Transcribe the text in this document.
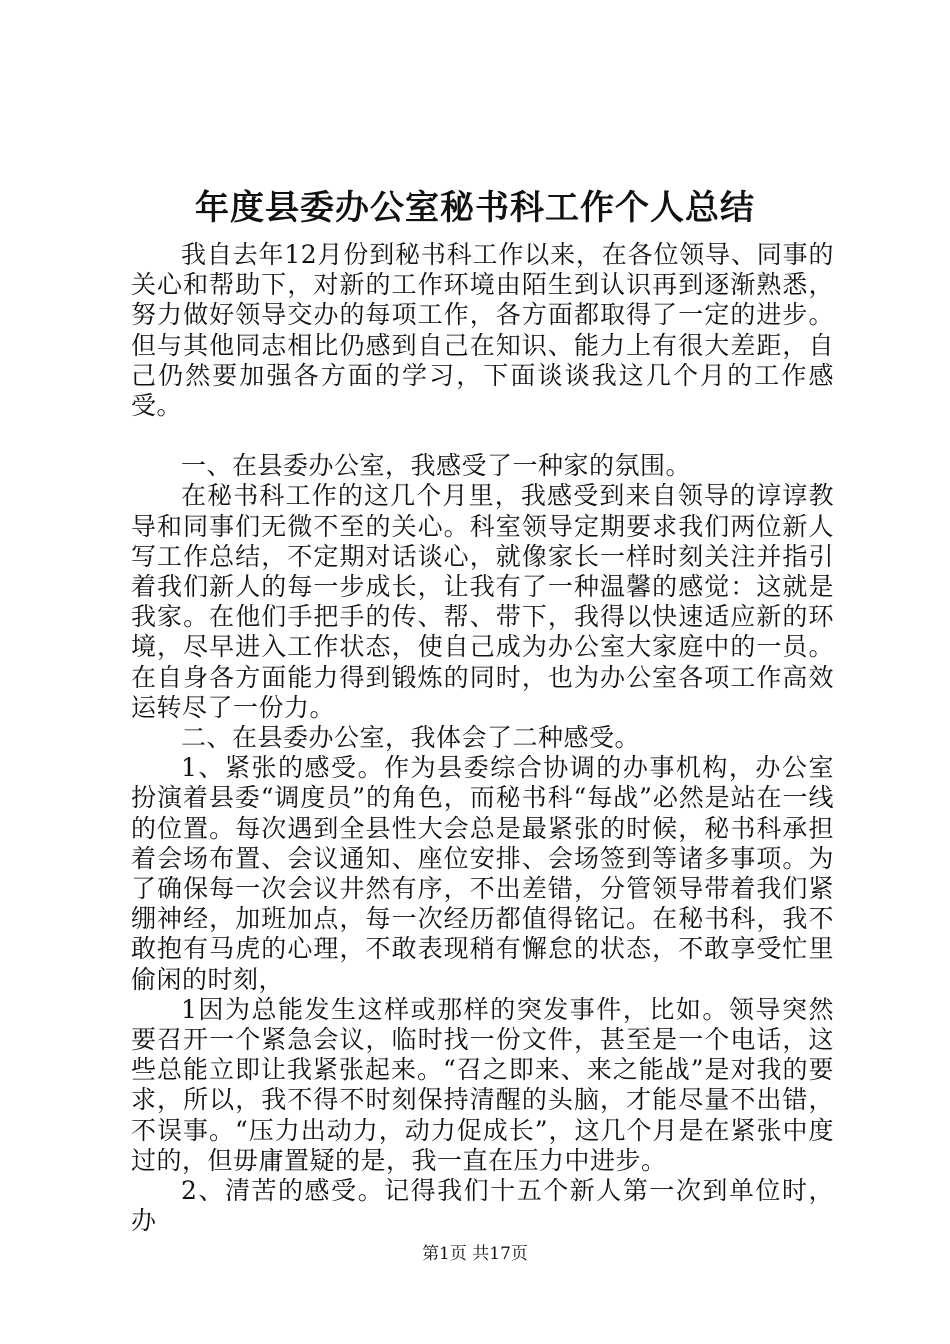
年度县委办公室秘书科工作个人总结

我自去年12月份到秘书科工作以来，在各位领导、同事的关心和帮助下，对新的工作环境由陌生到认识再到逐渐熟悉，努力做好领导交办的每项工作，各方面都取得了一定的进步。但与其他同志相比仍感到自己在知识、能力上有很大差距，自己仍然要加强各方面的学习，下面谈谈我这几个月的工作感受。

一、在县委办公室，我感受了一种家的氛围。

在秘书科工作的这几个月里，我感受到来自领导的谆谆教导和同事们无微不至的关心。科室领导定期要求我们两位新人写工作总结，不定期对话谈心，就像家长一样时刻关注并指引着我们新人的每一步成长，让我有了一种温馨的感觉：这就是我家。在他们手把手的传、帮、带下，我得以快速适应新的环境，尽早进入工作状态，使自己成为办公室大家庭中的一员。在自身各方面能力得到锻炼的同时，也为办公室各项工作高效运转尽了一份力。

二、在县委办公室，我体会了二种感受。

1、紧张的感受。作为县委综合协调的办事机构，办公室扮演着县委“调度员”的角色，而秘书科“每战”必然是站在一线的位置。每次遇到全县性大会总是最紧张的时候，秘书科承担着会场布置、会议通知、座位安排、会场签到等诸多事项。为了确保每一次会议井然有序，不出差错，分管领导带着我们紧绷神经，加班加点，每一次经历都值得铭记。在秘书科，我不敢抱有马虎的心理，不敢表现稍有懈怠的状态，不敢享受忙里偷闲的时刻，

1因为总能发生这样或那样的突发事件，比如。领导突然要召开一个紧急会议，临时找一份文件，甚至是一个电话，这些总能立即让我紧张起来。“召之即来、来之能战”是对我的要求，所以，我不得不时刻保持清醒的头脑，才能尽量不出错，不误事。“压力出动力，动力促成长”，这几个月是在紧张中度过的，但毋庸置疑的是，我一直在压力中进步。

2、清苦的感受。记得我们十五个新人第一次到单位时，办

第1页 共17页
